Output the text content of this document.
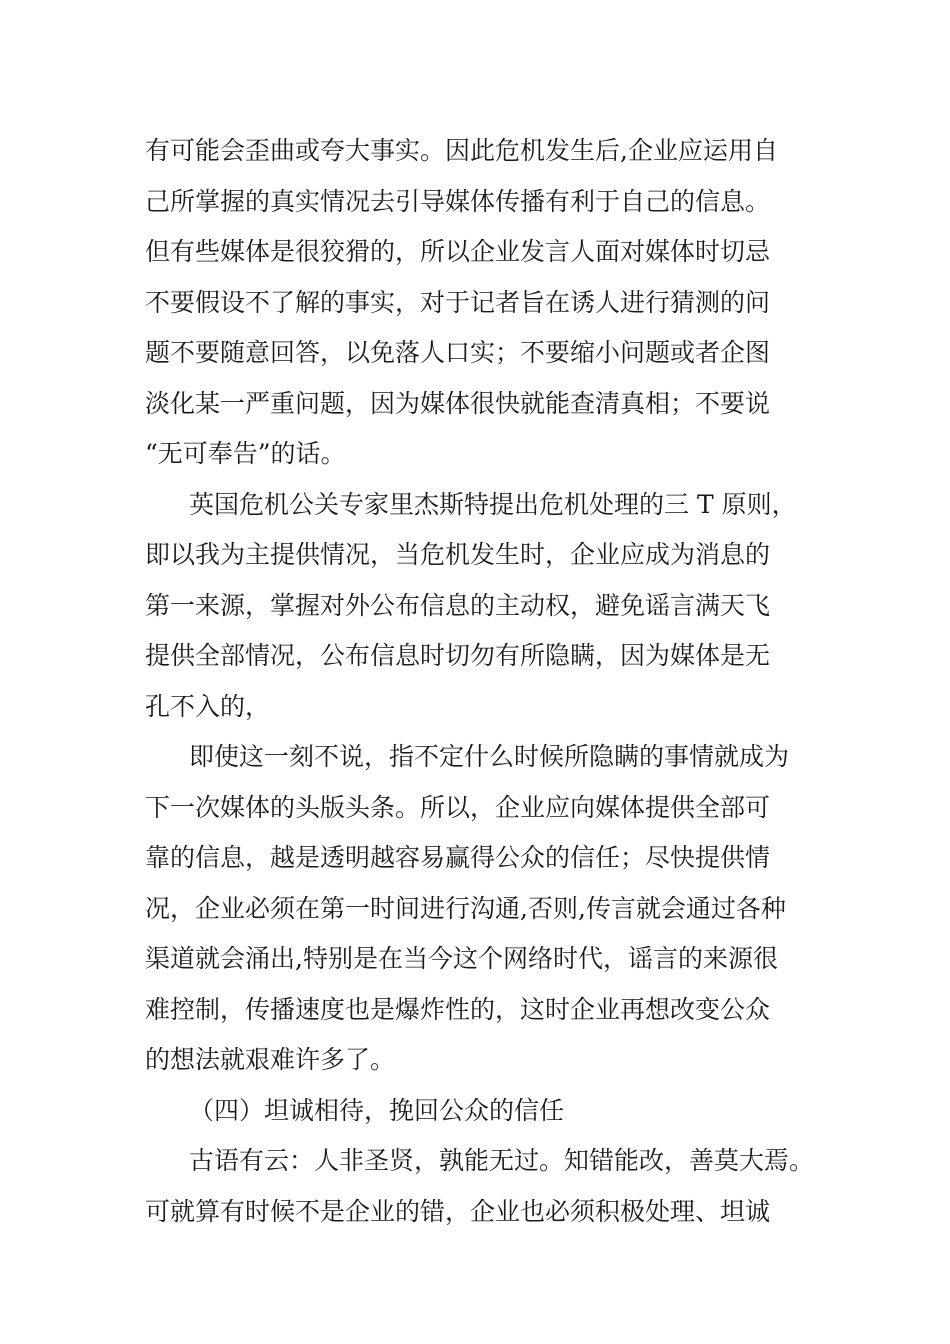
有可能会歪曲或夸大事实。因此危机发生后,企业应运用自
己所掌握的真实情况去引导媒体传播有利于自己的信息。
但有些媒体是很狡猾的，所以企业发言人面对媒体时切忌
不要假设不了解的事实，对于记者旨在诱人进行猜测的问
题不要随意回答，以免落人口实；不要缩小问题或者企图
淡化某一严重问题，因为媒体很快就能查清真相；不要说
“无可奉告”的话。
英国危机公关专家里杰斯特提出危机处理的三 T 原则，
即以我为主提供情况，当危机发生时，企业应成为消息的
第一来源，掌握对外公布信息的主动权，避免谣言满天飞
提供全部情况，公布信息时切勿有所隐瞒，因为媒体是无
孔不入的，
即使这一刻不说，指不定什么时候所隐瞒的事情就成为
下一次媒体的头版头条。所以，企业应向媒体提供全部可
靠的信息，越是透明越容易赢得公众的信任；尽快提供情
况，企业必须在第一时间进行沟通,否则,传言就会通过各种
渠道就会涌出,特别是在当今这个网络时代，谣言的来源很
难控制，传播速度也是爆炸性的，这时企业再想改变公众
的想法就艰难许多了。
（四）坦诚相待，挽回公众的信任
古语有云：人非圣贤，孰能无过。知错能改，善莫大焉。
可就算有时候不是企业的错，企业也必须积极处理、坦诚
